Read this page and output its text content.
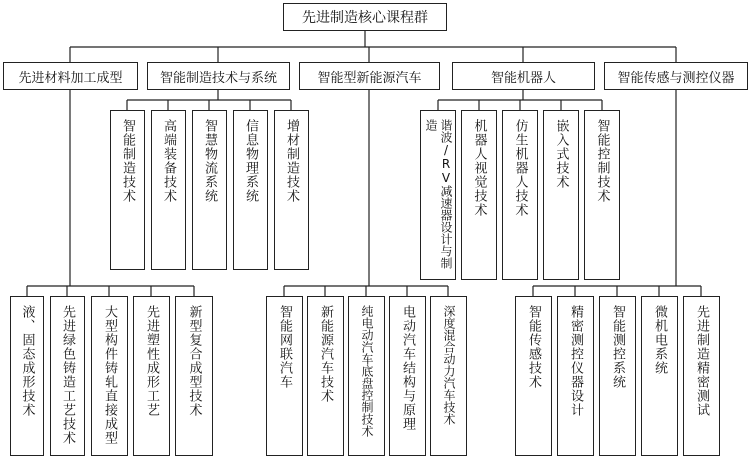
先进制造核心课程群
先进材料加工成型	智能制造技术与系统	智能型新能源汽车	智能机器人	智能传感与测控仪器
液、固态成形技术 先进绿色铸造工艺技术 大型构件铸轧直接成型 先进塑性成形工艺 新型复合成型技术
智能制造技术 高端装备技术 智慧物流系统 信息物理系统 增材制造技术
智能网联汽车 新能源汽车技术 纯电动汽车底盘控制技术 电动汽车结构与原理 深度混合动力汽车技术
谐波/RV减速器设计与制造	机器人视觉技术 仿生机器人技术 嵌入式技术 智能控制技术
智能传感技术 精密测控仪器设计 智能测控系统 微机电系统 先进制造精密测试
